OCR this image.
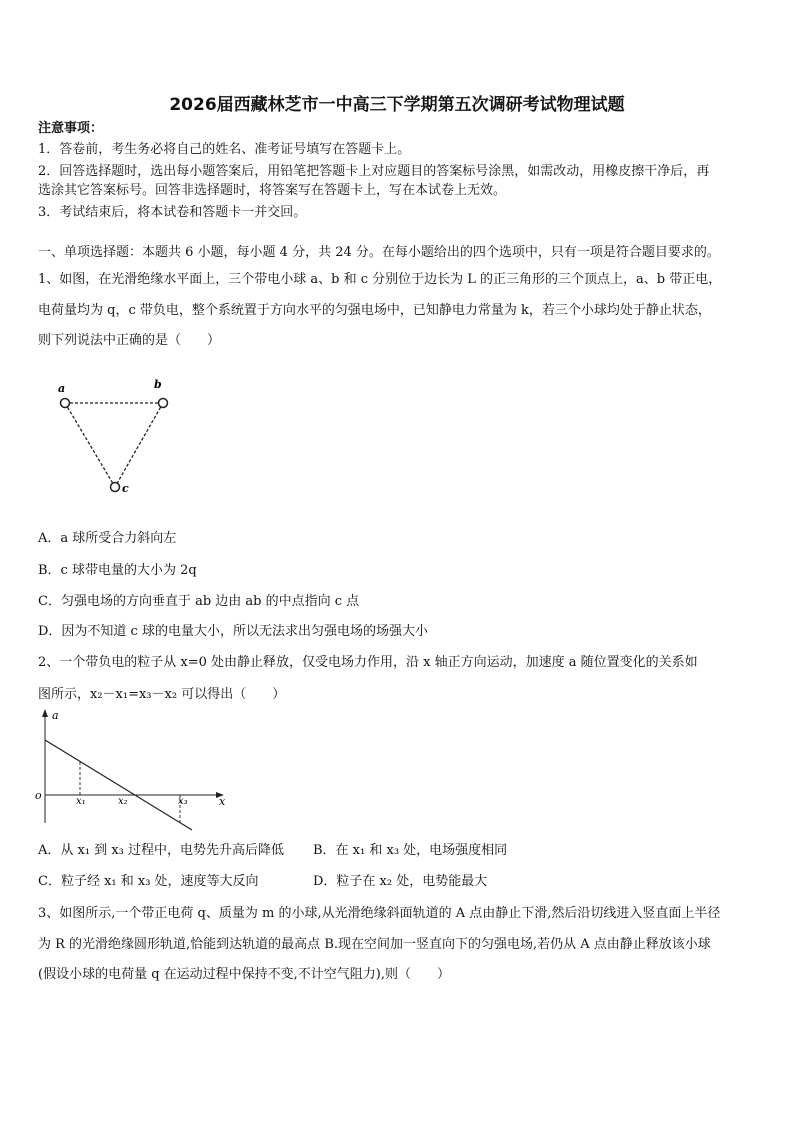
2026届西藏林芝市一中高三下学期第五次调研考试物理试题
注意事项：
1．答卷前，考生务必将自己的姓名、准考证号填写在答题卡上。
2．回答选择题时，选出每小题答案后，用铅笔把答题卡上对应题目的答案标号涂黑，如需改动，用橡皮擦干净后，再
选涂其它答案标号。回答非选择题时，将答案写在答题卡上，写在本试卷上无效。
3．考试结束后，将本试卷和答题卡一并交回。
一、单项选择题：本题共 6 小题，每小题 4 分，共 24 分。在每小题给出的四个选项中，只有一项是符合题目要求的。
1、如图，在光滑绝缘水平面上，三个带电小球 a、b 和 c 分别位于边长为 L 的正三角形的三个顶点上，a、b 带正电，
电荷量均为 q，c 带负电，整个系统置于方向水平的匀强电场中，已知静电力常量为 k，若三个小球均处于静止状态，
则下列说法中正确的是（　　）
a	b
c
A．a 球所受合力斜向左
B．c 球带电量的大小为 2q
C．匀强电场的方向垂直于 ab 边由 ab 的中点指向 c 点
D．因为不知道 c 球的电量大小，所以无法求出匀强电场的场强大小
2、一个带负电的粒子从 x=0 处由静止释放，仅受电场力作用，沿 x 轴正方向运动，加速度 a 随位置变化的关系如
图所示，x₂－x₁=x₃－x₂ 可以得出（　　）
a
x
o	x₁	x₂	x₃
A．从 x₁ 到 x₃ 过程中，电势先升高后降低 B．在 x₁ 和 x₃ 处，电场强度相同
C．粒子经 x₁ 和 x₃ 处，速度等大反向	D．粒子在 x₂ 处，电势能最大
3、如图所示,一个带正电荷 q、质量为 m 的小球,从光滑绝缘斜面轨道的 A 点由静止下滑,然后沿切线进入竖直面上半径
为 R 的光滑绝缘圆形轨道,恰能到达轨道的最高点 B.现在空间加一竖直向下的匀强电场,若仍从 A 点由静止释放该小球
(假设小球的电荷量 q 在运动过程中保持不变,不计空气阻力),则（　　）
